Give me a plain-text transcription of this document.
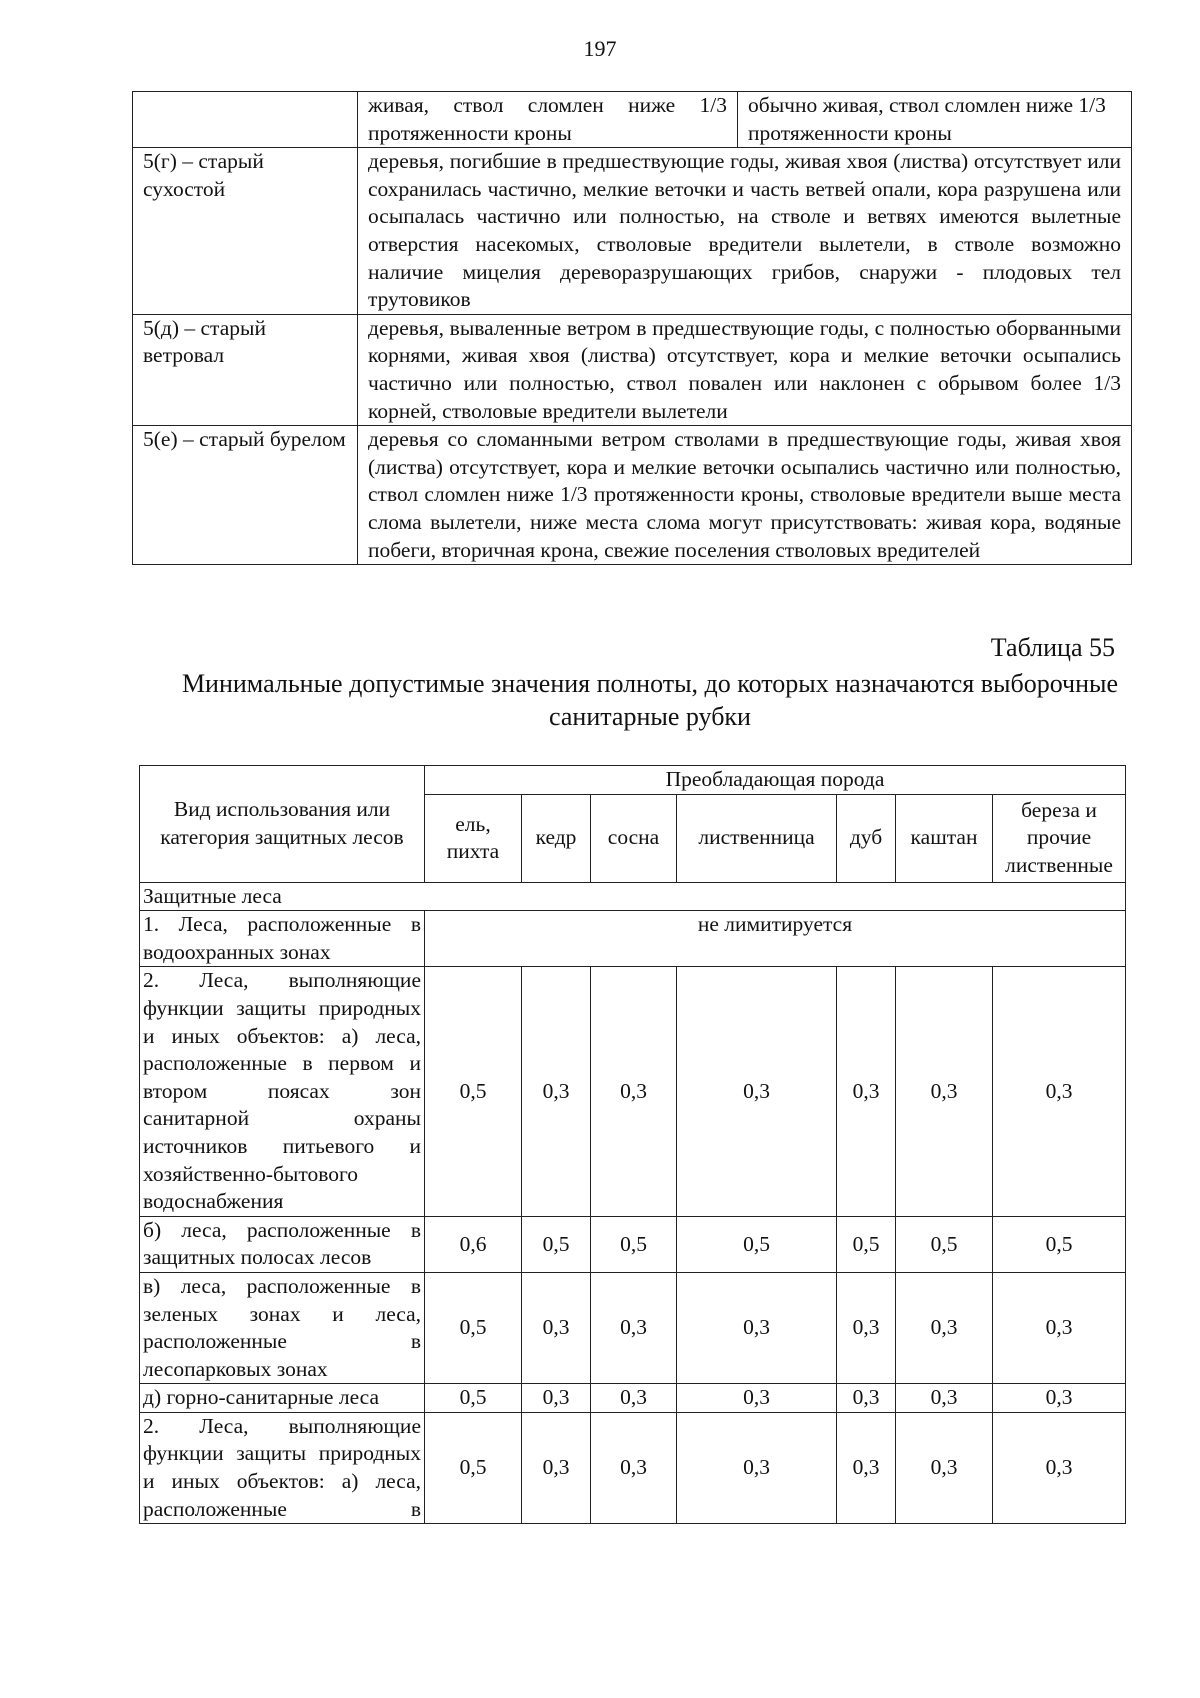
197
	живая, ствол сломлен ниже 1/3 протяженности кроны	обычно живая, ствол сломлен ниже 1/3 протяженности кроны
5(г) – старый сухостой	деревья, погибшие в предшествующие годы, живая хвоя (листва) отсутствует или сохранилась частично, мелкие веточки и часть ветвей опали, кора разрушена или осыпалась частично или полностью, на стволе и ветвях имеются вылетные отверстия насекомых, стволовые вредители вылетели, в стволе возможно наличие мицелия дереворазрушающих грибов, снаружи - плодовых тел трутовиков	
5(д) – старый ветровал	деревья, вываленные ветром в предшествующие годы, с полностью оборванными корнями, живая хвоя (листва) отсутствует, кора и мелкие веточки осыпались частично или полностью, ствол повален или наклонен с обрывом более 1/3 корней, стволовые вредители вылетели	
5(е) – старый бурелом	деревья со сломанными ветром стволами в предшествующие годы, живая хвоя (листва) отсутствует, кора и мелкие веточки осыпались частично или полностью, ствол сломлен ниже 1/3 протяженности кроны, стволовые вредители выше места слома вылетели, ниже места слома могут присутствовать: живая кора, водяные побеги, вторичная крона, свежие поселения стволовых вредителей	
Таблица 55
Минимальные допустимые значения полноты, до которых назначаются выборочные санитарные рубки
Вид использования или категория защитных лесов	Преобладающая порода						
	ель, пихта	кедр	сосна	лиственница	дуб	каштан	береза и прочие лиственные
Защитные леса							
1. Леса, расположенные в водоохранных зонах	не лимитируется						
2. Леса, выполняющие функции защиты природных и иных объектов: а) леса, расположенные в первом и втором поясах зон санитарной охраны источников питьевого и хозяйственно-бытового водоснабжения	0,5	0,3	0,3	0,3	0,3	0,3	0,3
б) леса, расположенные в защитных полосах лесов	0,6	0,5	0,5	0,5	0,5	0,5	0,5
в) леса, расположенные в зеленых зонах и леса, расположенные в лесопарковых зонах	0,5	0,3	0,3	0,3	0,3	0,3	0,3
д) горно-санитарные леса	0,5	0,3	0,3	0,3	0,3	0,3	0,3
2. Леса, выполняющие функции защиты природных и иных объектов: а) леса, расположенные в	0,5	0,3	0,3	0,3	0,3	0,3	0,3
